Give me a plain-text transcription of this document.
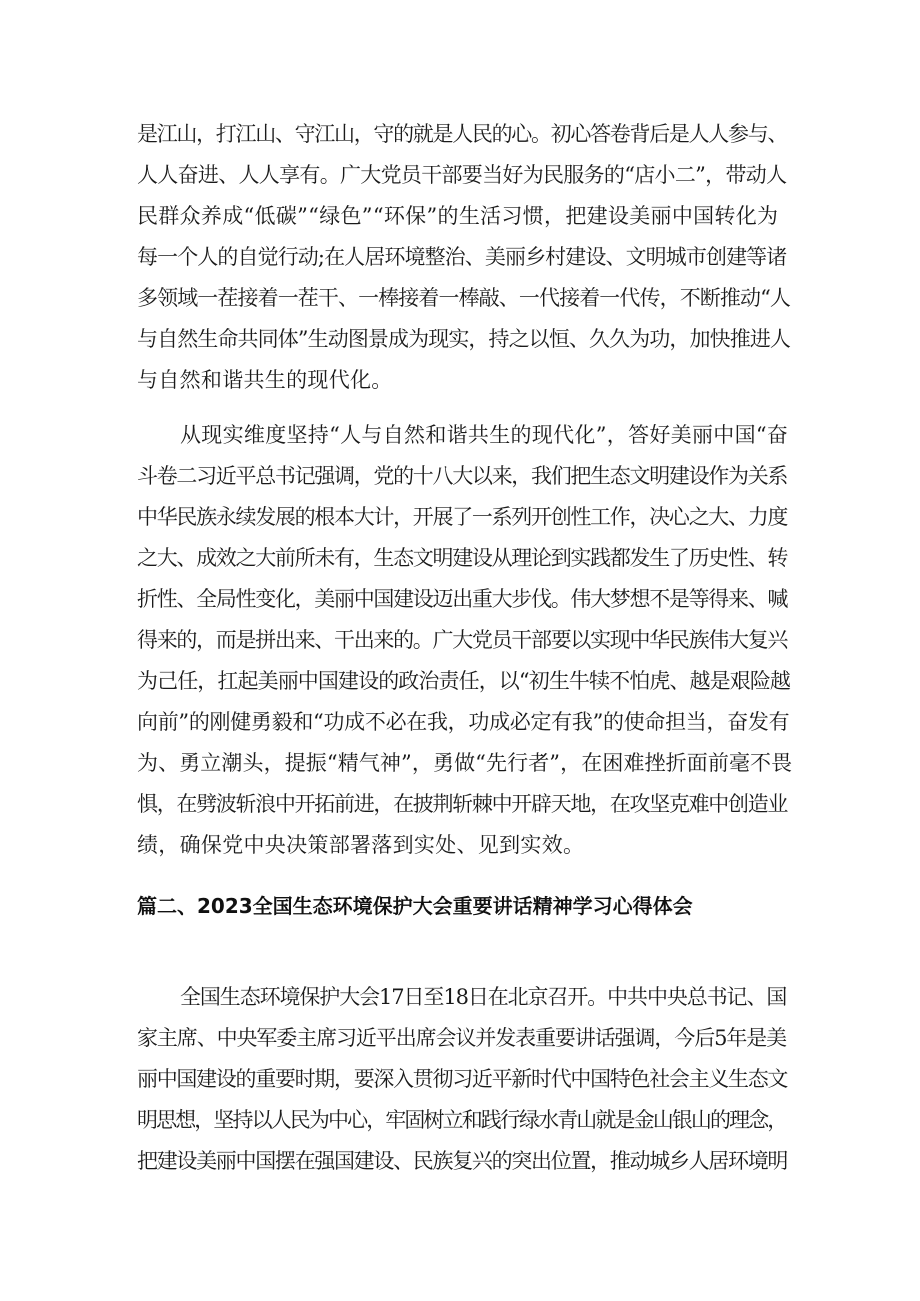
是江山，打江山、守江山，守的就是人民的心。初心答卷背后是人人参与、
人人奋进、人人享有。广大党员干部要当好为民服务的“店小二”，带动人
民群众养成“低碳”“绿色”“环保”的生活习惯，把建设美丽中国转化为
每一个人的自觉行动;在人居环境整治、美丽乡村建设、文明城市创建等诸
多领域一茬接着一茬干、一棒接着一棒敲、一代接着一代传，不断推动“人
与自然生命共同体”生动图景成为现实，持之以恒、久久为功，加快推进人
与自然和谐共生的现代化。
从现实维度坚持“人与自然和谐共生的现代化”，答好美丽中国“奋
斗卷二习近平总书记强调，党的十八大以来，我们把生态文明建设作为关系
中华民族永续发展的根本大计，开展了一系列开创性工作，决心之大、力度
之大、成效之大前所未有，生态文明建设从理论到实践都发生了历史性、转
折性、全局性变化，美丽中国建设迈出重大步伐。伟大梦想不是等得来、喊
得来的，而是拼出来、干出来的。广大党员干部要以实现中华民族伟大复兴
为己任，扛起美丽中国建设的政治责任，以“初生牛犊不怕虎、越是艰险越
向前”的刚健勇毅和“功成不必在我，功成必定有我”的使命担当，奋发有
为、勇立潮头，提振“精气神”，勇做“先行者”，在困难挫折面前毫不畏
惧，在劈波斩浪中开拓前进，在披荆斩棘中开辟天地，在攻坚克难中创造业
绩，确保党中央决策部署落到实处、见到实效。
篇二、2023全国生态环境保护大会重要讲话精神学习心得体会
全国生态环境保护大会17日至18日在北京召开。中共中央总书记、国
家主席、中央军委主席习近平出席会议并发表重要讲话强调，今后5年是美
丽中国建设的重要时期，要深入贯彻习近平新时代中国特色社会主义生态文
明思想，坚持以人民为中心，牢固树立和践行绿水青山就是金山银山的理念，
把建设美丽中国摆在强国建设、民族复兴的突出位置，推动城乡人居环境明
